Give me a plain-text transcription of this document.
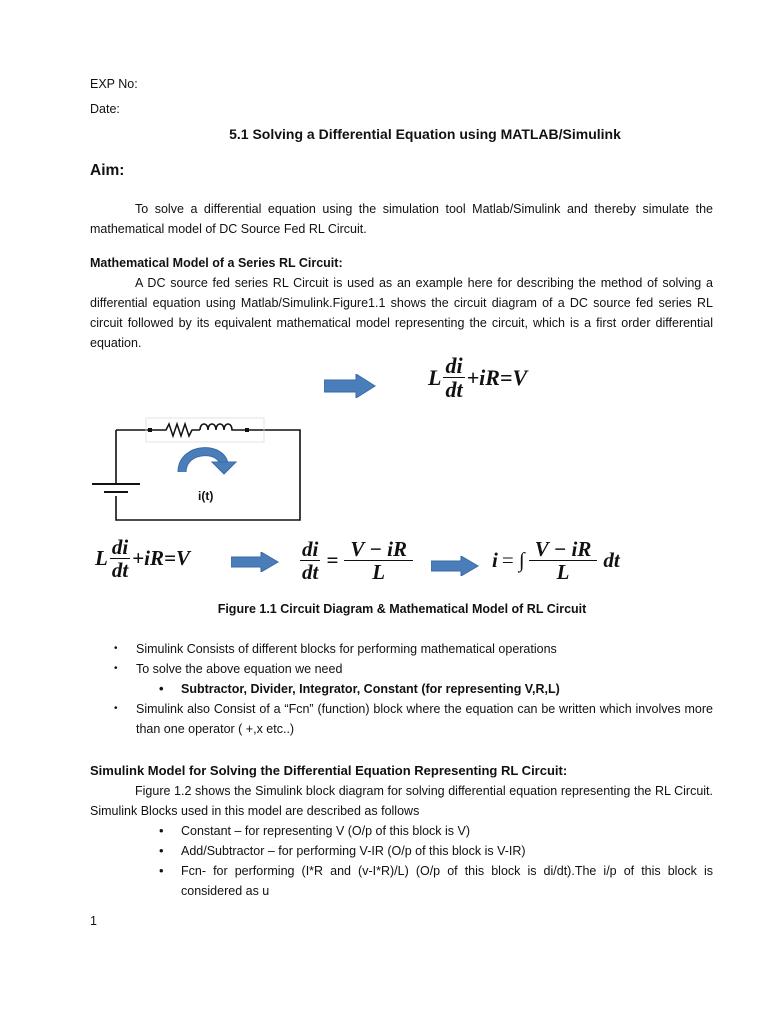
EXP No:
Date:
5.1 Solving a Differential Equation using MATLAB/Simulink
Aim:
To solve a differential equation using the simulation tool Matlab/Simulink and thereby simulate the mathematical model of DC Source Fed RL Circuit.
Mathematical Model of a Series RL Circuit:
A DC source fed series RL Circuit is used as an example here for describing the method of solving a differential equation using Matlab/Simulink.Figure1.1 shows the circuit diagram of a DC source fed series RL circuit followed by its equivalent mathematical model representing the circuit, which is a first order differential equation.
L $\frac{di}{dt} +iR =V$
i(t)
L $\frac{di}{dt} +iR =V$	$\frac{di}{dt} = \frac{V - iR}{L}$	i = ∫ $\frac{V - iR}{L}$ dt
Figure 1.1 Circuit Diagram & Mathematical Model of RL Circuit
• Simulink Consists of different blocks for performing mathematical operations
• To solve the above equation we need
• Subtractor, Divider, Integrator, Constant (for representing V,R,L)
• Simulink also Consist of a “Fcn” (function) block where the equation can be written which involves more than one operator ( +,x etc..)
Simulink Model for Solving the Differential Equation Representing RL Circuit:
Figure 1.2 shows the Simulink block diagram for solving differential equation representing the RL Circuit. Simulink Blocks used in this model are described as follows
• Constant – for representing V (O/p of this block is V)
• Add/Subtractor – for performing V-IR (O/p of this block is V-IR)
• Fcn- for performing (I*R and (v-I*R)/L) (O/p of this block is di/dt).The i/p of this block is considered as u
1
